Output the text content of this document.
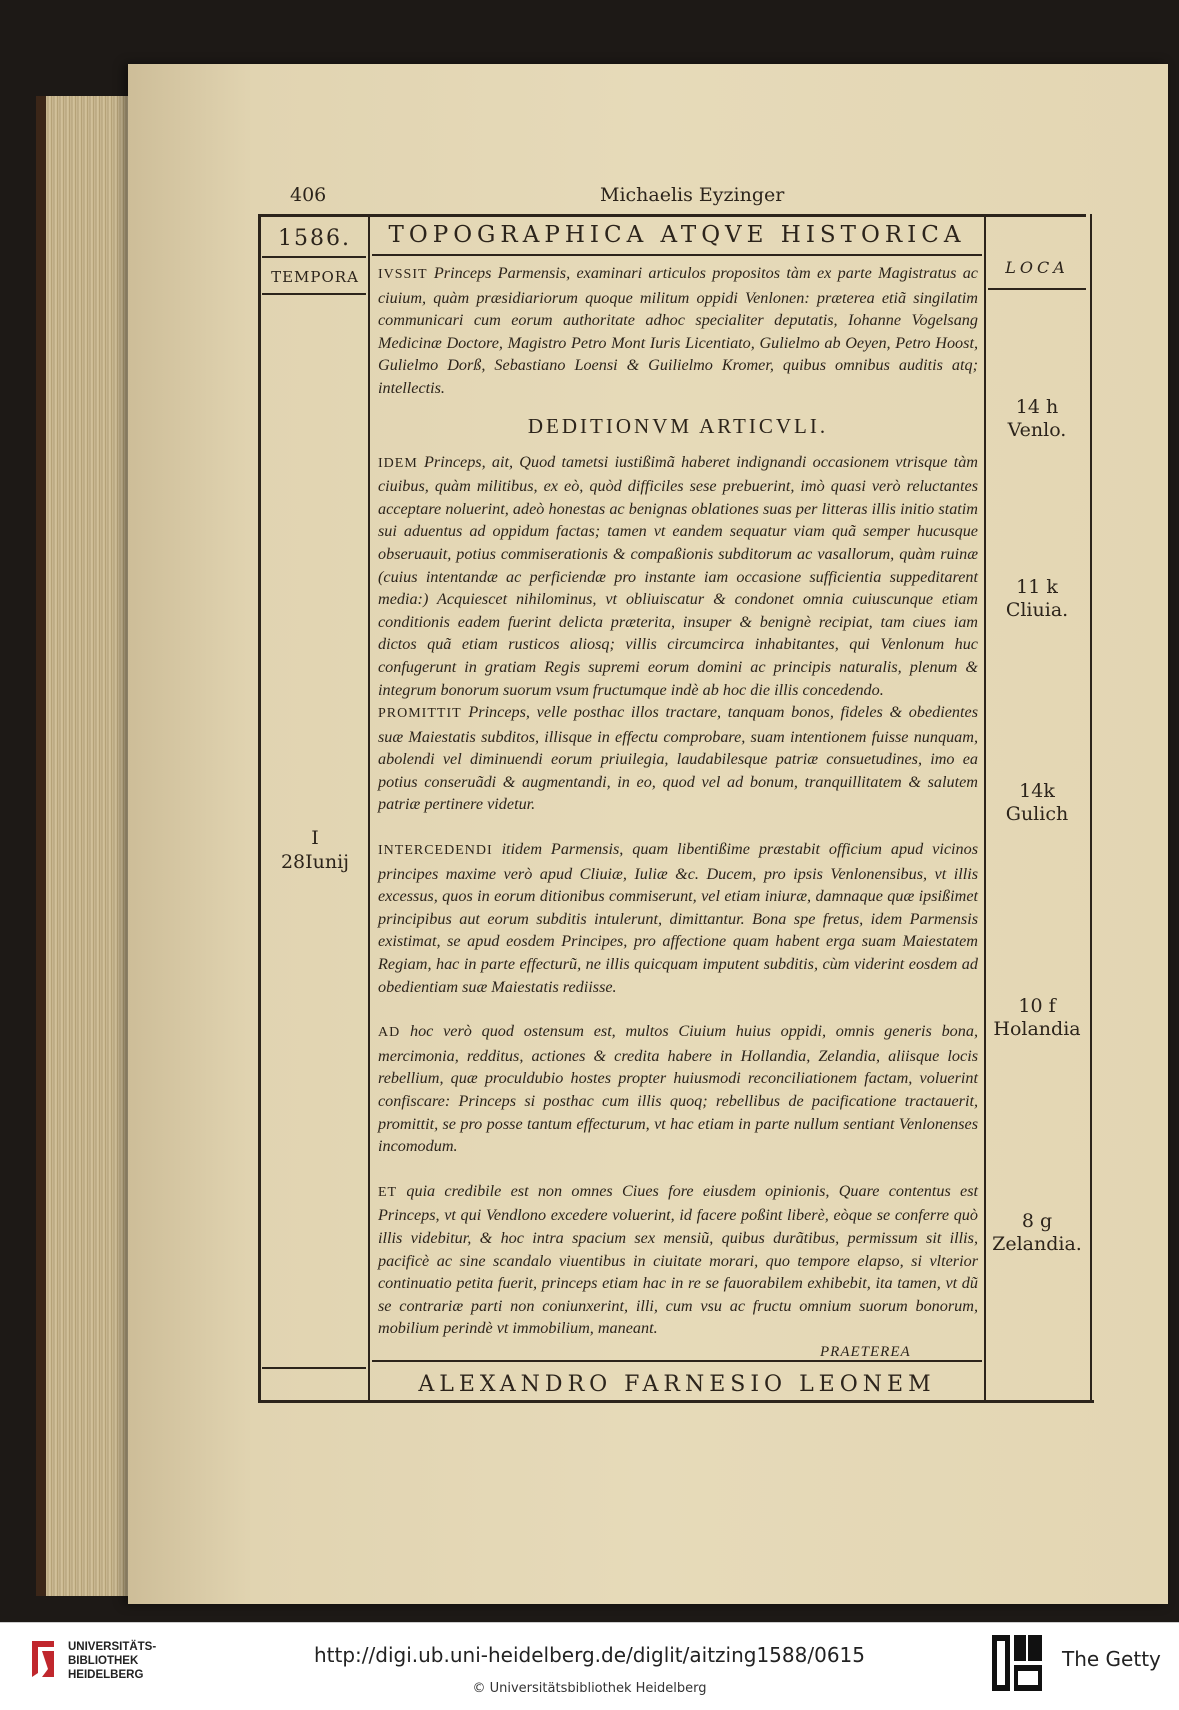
406	Michaelis Eyzinger
1586.
TEMPORA
TOPOGRAPHICA ATQVE HISTORICA
LOCA
I
28Iunij
14 h
Venlo.
11 k
Cliuia.
14k
Gulich
10 f
Holandia
8 g
Zelandia.

IVSSIT Princeps Parmensis, examinari articulos propositos tàm ex parte Magistratus ac ciuium, quàm præsidiariorum quoque militum oppidi Venlonen: præterea etiã singilatim communicari cum eorum authoritate adhoc specialiter deputatis, Iohanne Vogelsang Medicinæ Doctore, Magistro Petro Mont Iuris Licentiato, Gulielmo ab Oeyen, Petro Hoost, Gulielmo Dorß, Sebastiano Loensi & Guilielmo Kromer, quibus omnibus auditis atq; intellectis.

DEDITIONVM ARTICVLI.

IDEM Princeps, ait, Quod tametsi iustißimã haberet indignandi occasionem vtrisque tàm ciuibus, quàm militibus, ex eò, quòd difficiles sese prebuerint, imò quasi verò reluctantes acceptare noluerint, adeò honestas ac benignas oblationes suas per litteras illis initio statim sui aduentus ad oppidum factas; tamen vt eandem sequatur viam quã semper hucusque obseruauit, potius commiserationis & compaßionis subditorum ac vasallorum, quàm ruinæ (cuius intentandæ ac perficiendæ pro instante iam occasione sufficientia suppeditarent media:) Acquiescet nihilominus, vt obliuiscatur & condonet omnia cuiuscunque etiam conditionis eadem fuerint delicta præterita, insuper & benignè recipiat, tam ciues iam dictos quã etiam rusticos aliosq; villis circumcirca inhabitantes, qui Venlonum huc confugerunt in gratiam Regis supremi eorum domini ac principis naturalis, plenum & integrum bonorum suorum vsum fructumque indè ab hoc die illis concedendo.

PROMITTIT Princeps, velle posthac illos tractare, tanquam bonos, fideles & obedientes suæ Maiestatis subditos, illisque in effectu comprobare, suam intentionem fuisse nunquam, abolendi vel diminuendi eorum priuilegia, laudabilesque patriæ consuetudines, imo ea potius conseruãdi & augmentandi, in eo, quod vel ad bonum, tranquillitatem & salutem patriæ pertinere videtur.

INTERCEDENDI itidem Parmensis, quam libentißime præstabit officium apud vicinos principes maxime verò apud Cliuiæ, Iuliæ &c. Ducem, pro ipsis Venlonensibus, vt illis excessus, quos in eorum ditionibus commiserunt, vel etiam iniuræ, damnaque quæ ipsißimet principibus aut eorum subditis intulerunt, dimittantur. Bona spe fretus, idem Parmensis existimat, se apud eosdem Principes, pro affectione quam habent erga suam Maiestatem Regiam, hac in parte effecturũ, ne illis quicquam imputent subditis, cùm viderint eosdem ad obedientiam suæ Maiestatis rediisse.

AD hoc verò quod ostensum est, multos Ciuium huius oppidi, omnis generis bona, mercimonia, redditus, actiones & credita habere in Hollandia, Zelandia, aliisque locis rebellium, quæ proculdubio hostes propter huiusmodi reconciliationem factam, voluerint confiscare: Princeps si posthac cum illis quoq; rebellibus de pacificatione tractauerit, promittit, se pro posse tantum effecturum, vt hac etiam in parte nullum sentiant Venlonenses incomodum.

ET quia credibile est non omnes Ciues fore eiusdem opinionis, Quare contentus est Princeps, vt qui Vendlono excedere voluerint, id facere poßint liberè, eòque se conferre quò illis videbitur, & hoc intra spacium sex mensiũ, quibus durãtibus, permissum sit illis, pacificè ac sine scandalo viuentibus in ciuitate morari, quo tempore elapso, si vlterior continuatio petita fuerit, princeps etiam hac in re se fauorabilem exhibebit, ita tamen, vt dũ se contrariæ parti non coniunxerint, illi, cum vsu ac fructu omnium suorum bonorum, mobilium perindè vt immobilium, maneant.

PRAETEREA
ALEXANDRO FARNESIO LEONEM
UNIVERSITÄTS-
BIBLIOTHEK
HEIDELBERG
http://digi.ub.uni-heidelberg.de/diglit/aitzing1588/0615
© Universitätsbibliothek Heidelberg
The Getty
